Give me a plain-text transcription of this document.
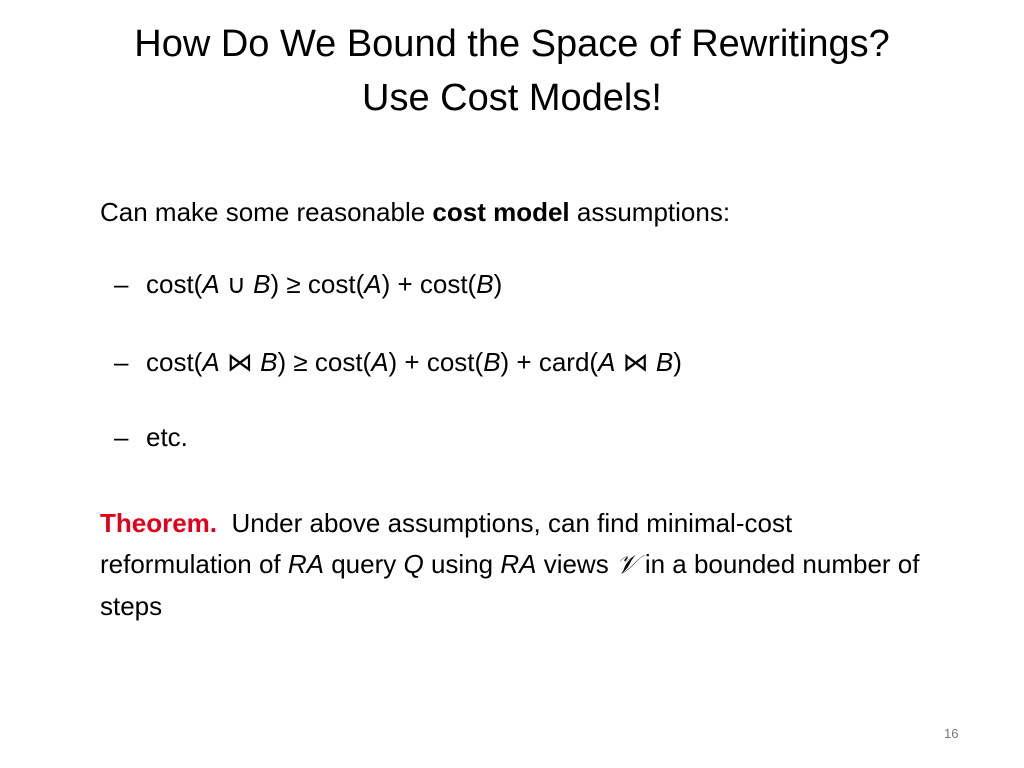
How Do We Bound the Space of Rewritings?
Use Cost Models!
Can make some reasonable cost model assumptions:
– cost(A ∪ B) ≥ cost(A) + cost(B)
– cost(A ⋈ B) ≥ cost(A) + cost(B) + card(A ⋈ B)
– etc.
Theorem.  Under above assumptions, can find minimal-cost reformulation of RA query Q using RA views 𝒱 in a bounded number of steps
16
